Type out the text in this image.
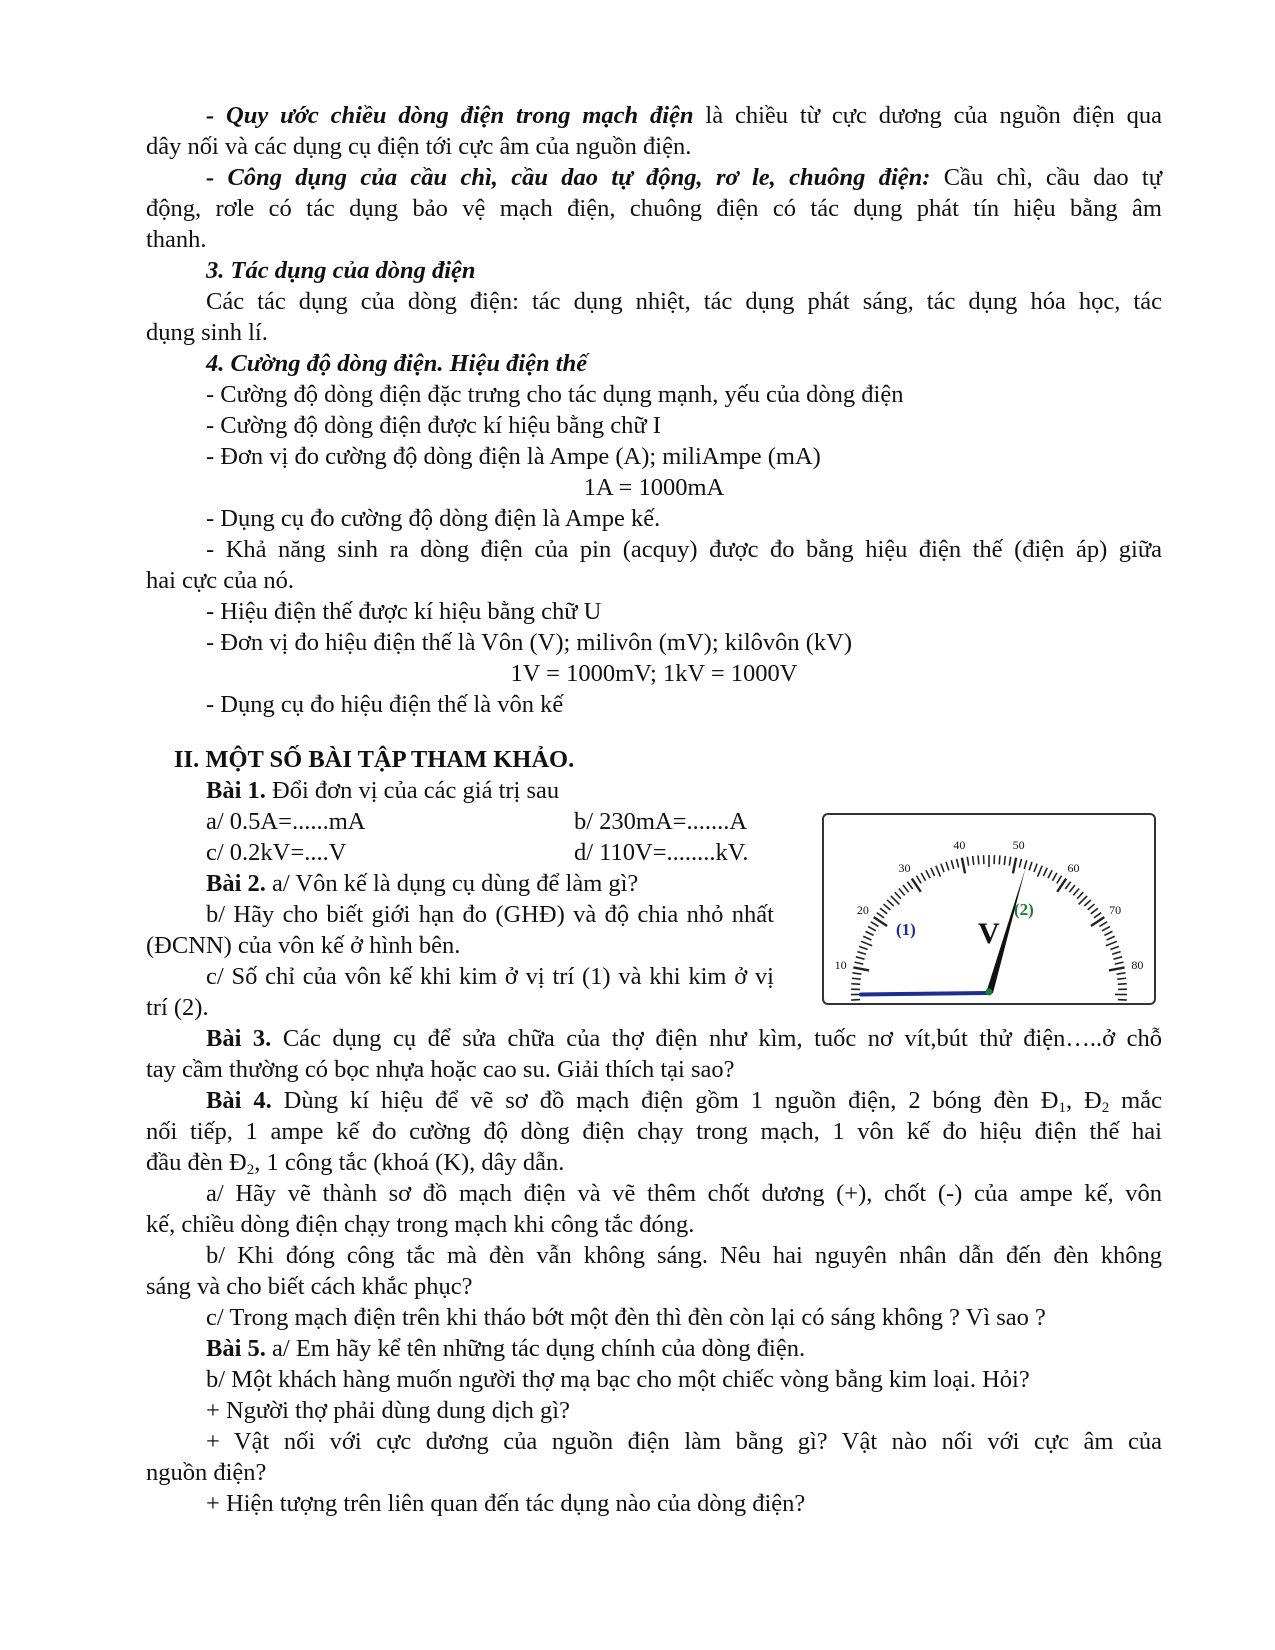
- Quy ước chiều dòng điện trong mạch điện là chiều từ cực dương của nguồn điện qua
dây nối và các dụng cụ điện tới cực âm của nguồn điện.
- Công dụng của cầu chì, cầu dao tự động, rơ le, chuông điện: Cầu chì, cầu dao tự
động, rơle có tác dụng bảo vệ mạch điện, chuông điện có tác dụng phát tín hiệu bằng âm
thanh.
3. Tác dụng của dòng điện
Các tác dụng của dòng điện: tác dụng nhiệt, tác dụng phát sáng, tác dụng hóa học, tác
dụng sinh lí.
4. Cường độ dòng điện. Hiệu điện thế
- Cường độ dòng điện đặc trưng cho tác dụng mạnh, yếu của dòng điện
- Cường độ dòng điện được kí hiệu bằng chữ I
- Đơn vị đo cường độ dòng điện là Ampe (A); miliAmpe (mA)
1A = 1000mA
- Dụng cụ đo cường độ dòng điện là Ampe kế.
- Khả năng sinh ra dòng điện của pin (acquy) được đo bằng hiệu điện thế (điện áp) giữa
hai cực của nó.
- Hiệu điện thế được kí hiệu bằng chữ U
- Đơn vị đo hiệu điện thế là Vôn (V); milivôn (mV); kilôvôn (kV)
1V = 1000mV; 1kV = 1000V
- Dụng cụ đo hiệu điện thế là vôn kế
II. MỘT SỐ BÀI TẬP THAM KHẢO.
Bài 1. Đổi đơn vị của các giá trị sau
a/ 0.5A=......mA	b/ 230mA=.......A
c/ 0.2kV=....V	d/ 110V=........kV.
Bài 2. a/ Vôn kế là dụng cụ dùng để làm gì?
b/ Hãy cho biết giới hạn đo (GHĐ) và độ chia nhỏ nhất
(ĐCNN) của vôn kế ở hình bên.
c/ Số chỉ của vôn kế khi kim ở vị trí (1) và khi kim ở vị
trí (2).
Bài 3. Các dụng cụ để sửa chữa của thợ điện như kìm, tuốc nơ vít,bút thử điện…..ở chỗ
tay cầm thường có bọc nhựa hoặc cao su. Giải thích tại sao?
Bài 4. Dùng kí hiệu để vẽ sơ đồ mạch điện gồm 1 nguồn điện, 2 bóng đèn $Đ_1$, $Đ_2$ mắc
nối tiếp, 1 ampe kế đo cường độ dòng điện chạy trong mạch, 1 vôn kế đo hiệu điện thế hai
đầu đèn $Đ_2$, 1 công tắc (khoá (K), dây dẫn.
a/ Hãy vẽ thành sơ đồ mạch điện và vẽ thêm chốt dương (+), chốt (-) của ampe kế, vôn
kế, chiều dòng điện chạy trong mạch khi công tắc đóng.
b/ Khi đóng công tắc mà đèn vẫn không sáng. Nêu hai nguyên nhân dẫn đến đèn không
sáng và cho biết cách khắc phục?
c/ Trong mạch điện trên khi tháo bớt một đèn thì đèn còn lại có sáng không ? Vì sao ?
Bài 5. a/ Em hãy kể tên những tác dụng chính của dòng điện.
b/ Một khách hàng muốn người thợ mạ bạc cho một chiếc vòng bằng kim loại. Hỏi?
+ Người thợ phải dùng dung dịch gì?
+ Vật nối với cực dương của nguồn điện làm bằng gì? Vật nào nối với cực âm của
nguồn điện?
+ Hiện tượng trên liên quan đến tác dụng nào của dòng điện?
10
20
30
40	50
60
70
80
V
(1)
(2)
